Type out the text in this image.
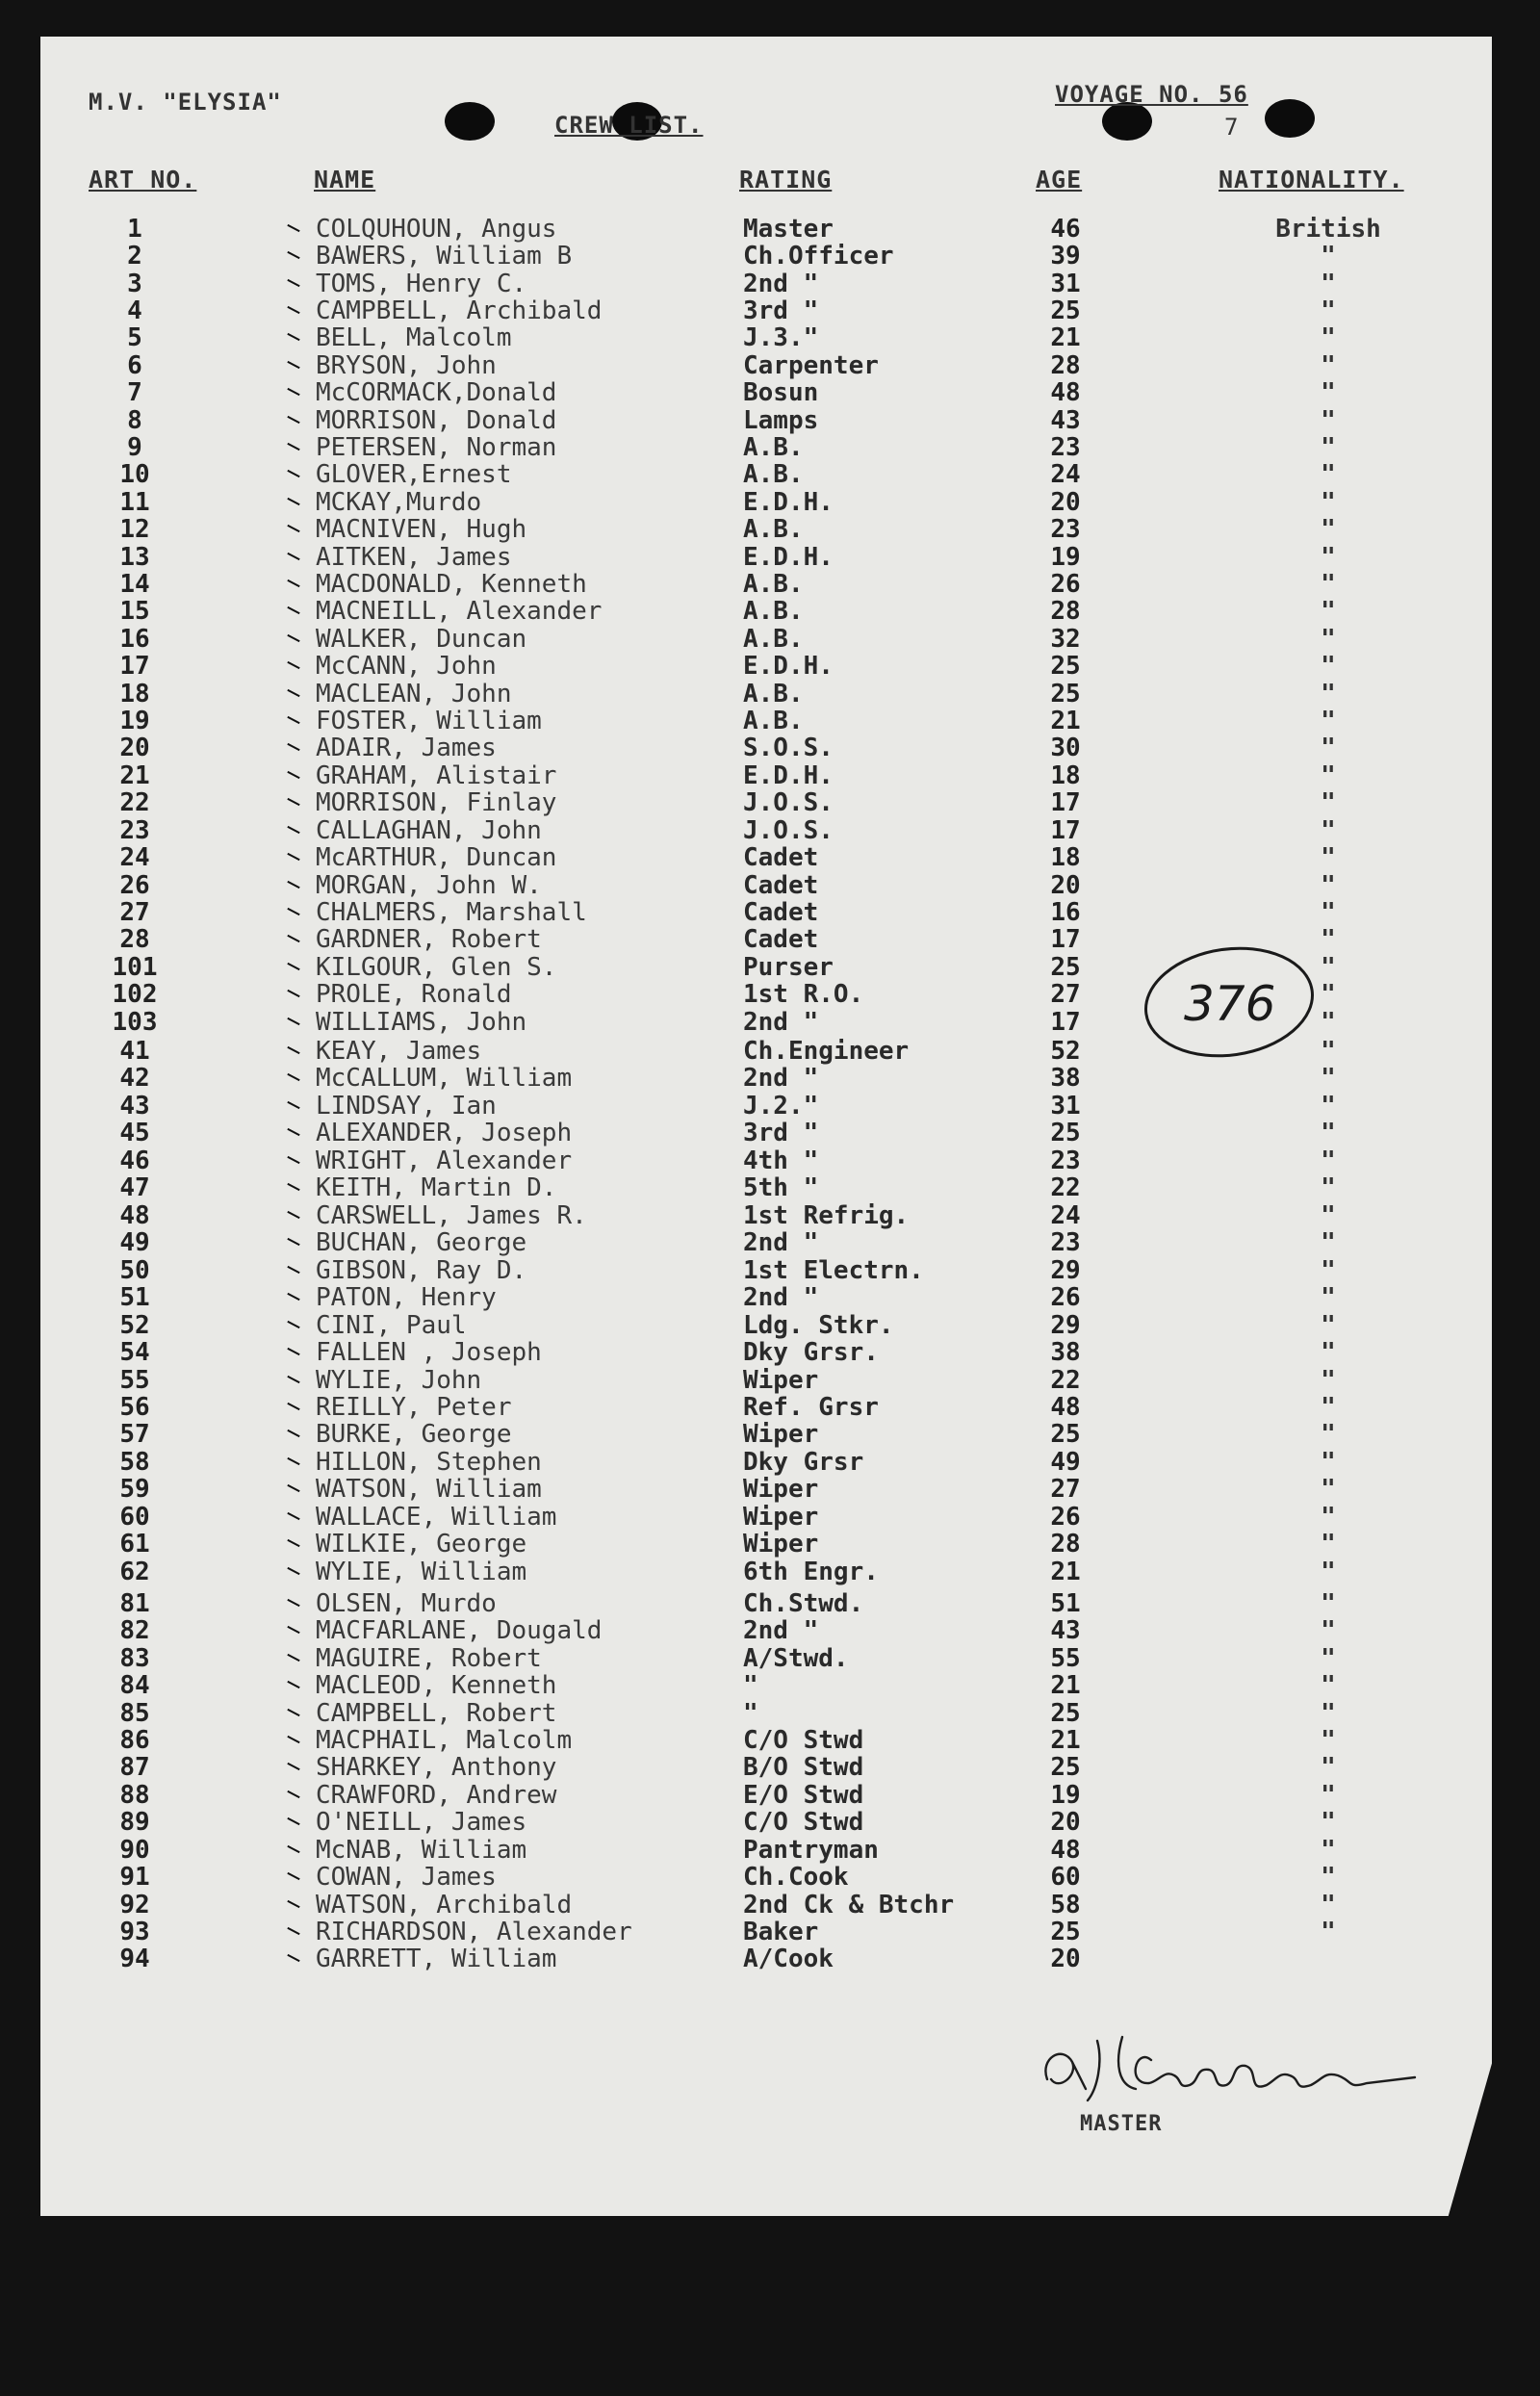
M.V. "ELYSIA"
CREW LIST.
VOYAGE NO. 56
7
ART NO.	NAME	RATING	AGE	NATIONALITY.
1	COLQUHOUN, Angus	Master	46	British
2	BAWERS, William B	Ch.Officer	39	"
3	TOMS, Henry C.	2nd "	31	"
4	CAMPBELL, Archibald	3rd "	25	"
5	BELL, Malcolm	J.3."	21	"
6	BRYSON, John	Carpenter	28	"
7	McCORMACK,Donald	Bosun	48	"
8	MORRISON, Donald	Lamps	43	"
9	PETERSEN, Norman	A.B.	23	"
10	GLOVER,Ernest	A.B.	24	"
11	MCKAY,Murdo	E.D.H.	20	"
12	MACNIVEN, Hugh	A.B.	23	"
13	AITKEN, James	E.D.H.	19	"
14	MACDONALD, Kenneth	A.B.	26	"
15	MACNEILL, Alexander	A.B.	28	"
16	WALKER, Duncan	A.B.	32	"
17	McCANN, John	E.D.H.	25	"
18	MACLEAN, John	A.B.	25	"
19	FOSTER, William	A.B.	21	"
20	ADAIR, James	S.O.S.	30	"
21	GRAHAM, Alistair	E.D.H.	18	"
22	MORRISON, Finlay	J.O.S.	17	"
23	CALLAGHAN, John	J.O.S.	17	"
24	McARTHUR, Duncan	Cadet	18	"
26	MORGAN, John W.	Cadet	20	"
27	CHALMERS, Marshall	Cadet	16	"
28	GARDNER, Robert	Cadet	17	"
101	KILGOUR, Glen S.	Purser	25	"
102	PROLE, Ronald	1st R.O.	27	"
103	WILLIAMS, John	2nd "	17	"
41	KEAY, James	Ch.Engineer	52	"
42	McCALLUM, William	2nd "	38	"
43	LINDSAY, Ian	J.2."	31	"
45	ALEXANDER, Joseph	3rd "	25	"
46	WRIGHT, Alexander	4th "	23	"
47	KEITH, Martin D.	5th "	22	"
48	CARSWELL, James R.	1st Refrig.	24	"
49	BUCHAN, George	2nd "	23	"
50	GIBSON, Ray D.	1st Electrn.	29	"
51	PATON, Henry	2nd "	26	"
52	CINI, Paul	Ldg. Stkr.	29	"
54	FALLEN , Joseph	Dky Grsr.	38	"
55	WYLIE, John	Wiper	22	"
56	REILLY, Peter	Ref. Grsr	48	"
57	BURKE, George	Wiper	25	"
58	HILLON, Stephen	Dky Grsr	49	"
59	WATSON, William	Wiper	27	"
60	WALLACE, William	Wiper	26	"
61	WILKIE, George	Wiper	28	"
62	WYLIE, William	6th Engr.	21	"
81	OLSEN, Murdo	Ch.Stwd.	51	"
82	MACFARLANE, Dougald	2nd "	43	"
83	MAGUIRE, Robert	A/Stwd.	55	"
84	MACLEOD, Kenneth	"	21	"
85	CAMPBELL, Robert	"	25	"
86	MACPHAIL, Malcolm	C/O Stwd	21	"
87	SHARKEY, Anthony	B/O Stwd	25	"
88	CRAWFORD, Andrew	E/O Stwd	19	"
89	O'NEILL, James	C/O Stwd	20	"
90	McNAB, William	Pantryman	48	"
91	COWAN, James	Ch.Cook	60	"
92	WATSON, Archibald	2nd Ck & Btchr	58	"
93	RICHARDSON, Alexander	Baker	25	"
94	GARRETT, William	A/Cook	20
376
MASTER
